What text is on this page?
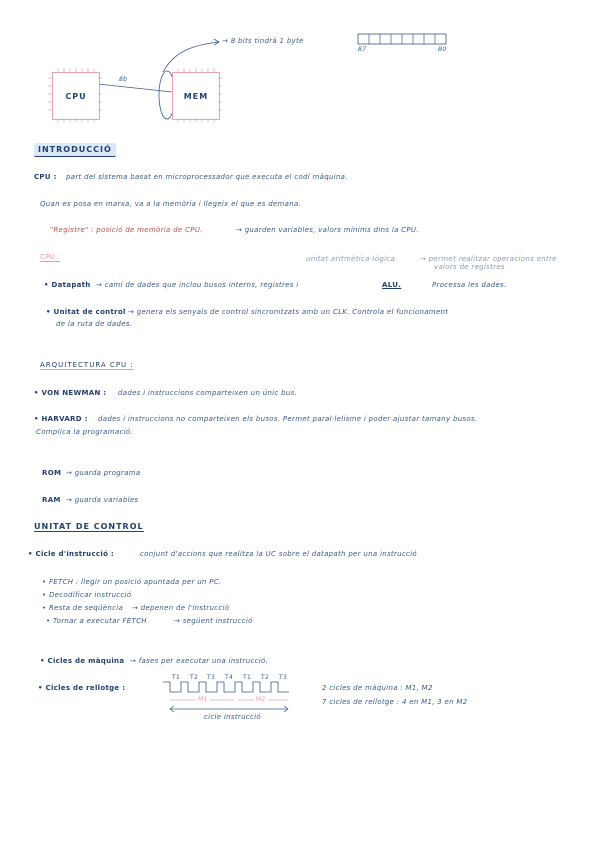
CPU	MEM
8b
→ 8 bits tindrà 1 byte
B7	B0
INTRODUCCIÓ
CPU : part del sistema basat en microprocessador que executa el codi màquina.
Quan es posa en marxa, va a la memòria i llegeix el que es demana.
"Registre" : posició de memòria de CPU.	→ guarden variables, valors mínims dins la CPU.
CPU :	unitat aritmètica-lògica	→ permet realitzar operacions entre
valors de registres
• Datapath → camí de dades que inclou busos interns, registres i	ALU.	Processa les dades.
• Unitat de control → genera els senyals de control sincronitzats amb un CLK. Controla el funcionament
de la ruta de dades.
ARQUITECTURA CPU :
• VON NEWMAN : dades i instruccions comparteixen un únic bus.
• HARVARD : dades i instruccions no comparteixen els busos. Permet paral·lelisme i poder ajustar tamany busos.
Complica la programació.
ROM → guarda programa
RAM → guarda variables
UNITAT DE CONTROL
• Cicle d'instrucció :	conjunt d'accions que realitza la UC sobre el datapath per una instrucció
• FETCH : llegir un posició apuntada per un PC.
• Decodificar instrucció
• Resta de seqüència → depenen de l'instrucció
• Tornar a executar FETCH	→ següent instrucció
• Cicles de màquina → fases per executar una instrucció.
• Cicles de rellotge :
T1 T2 T3 T4 T1 T2 T3
M1	M2
cicle instrucció
2 cicles de màquina : M1, M2
7 cicles de rellotge : 4 en M1, 3 en M2
